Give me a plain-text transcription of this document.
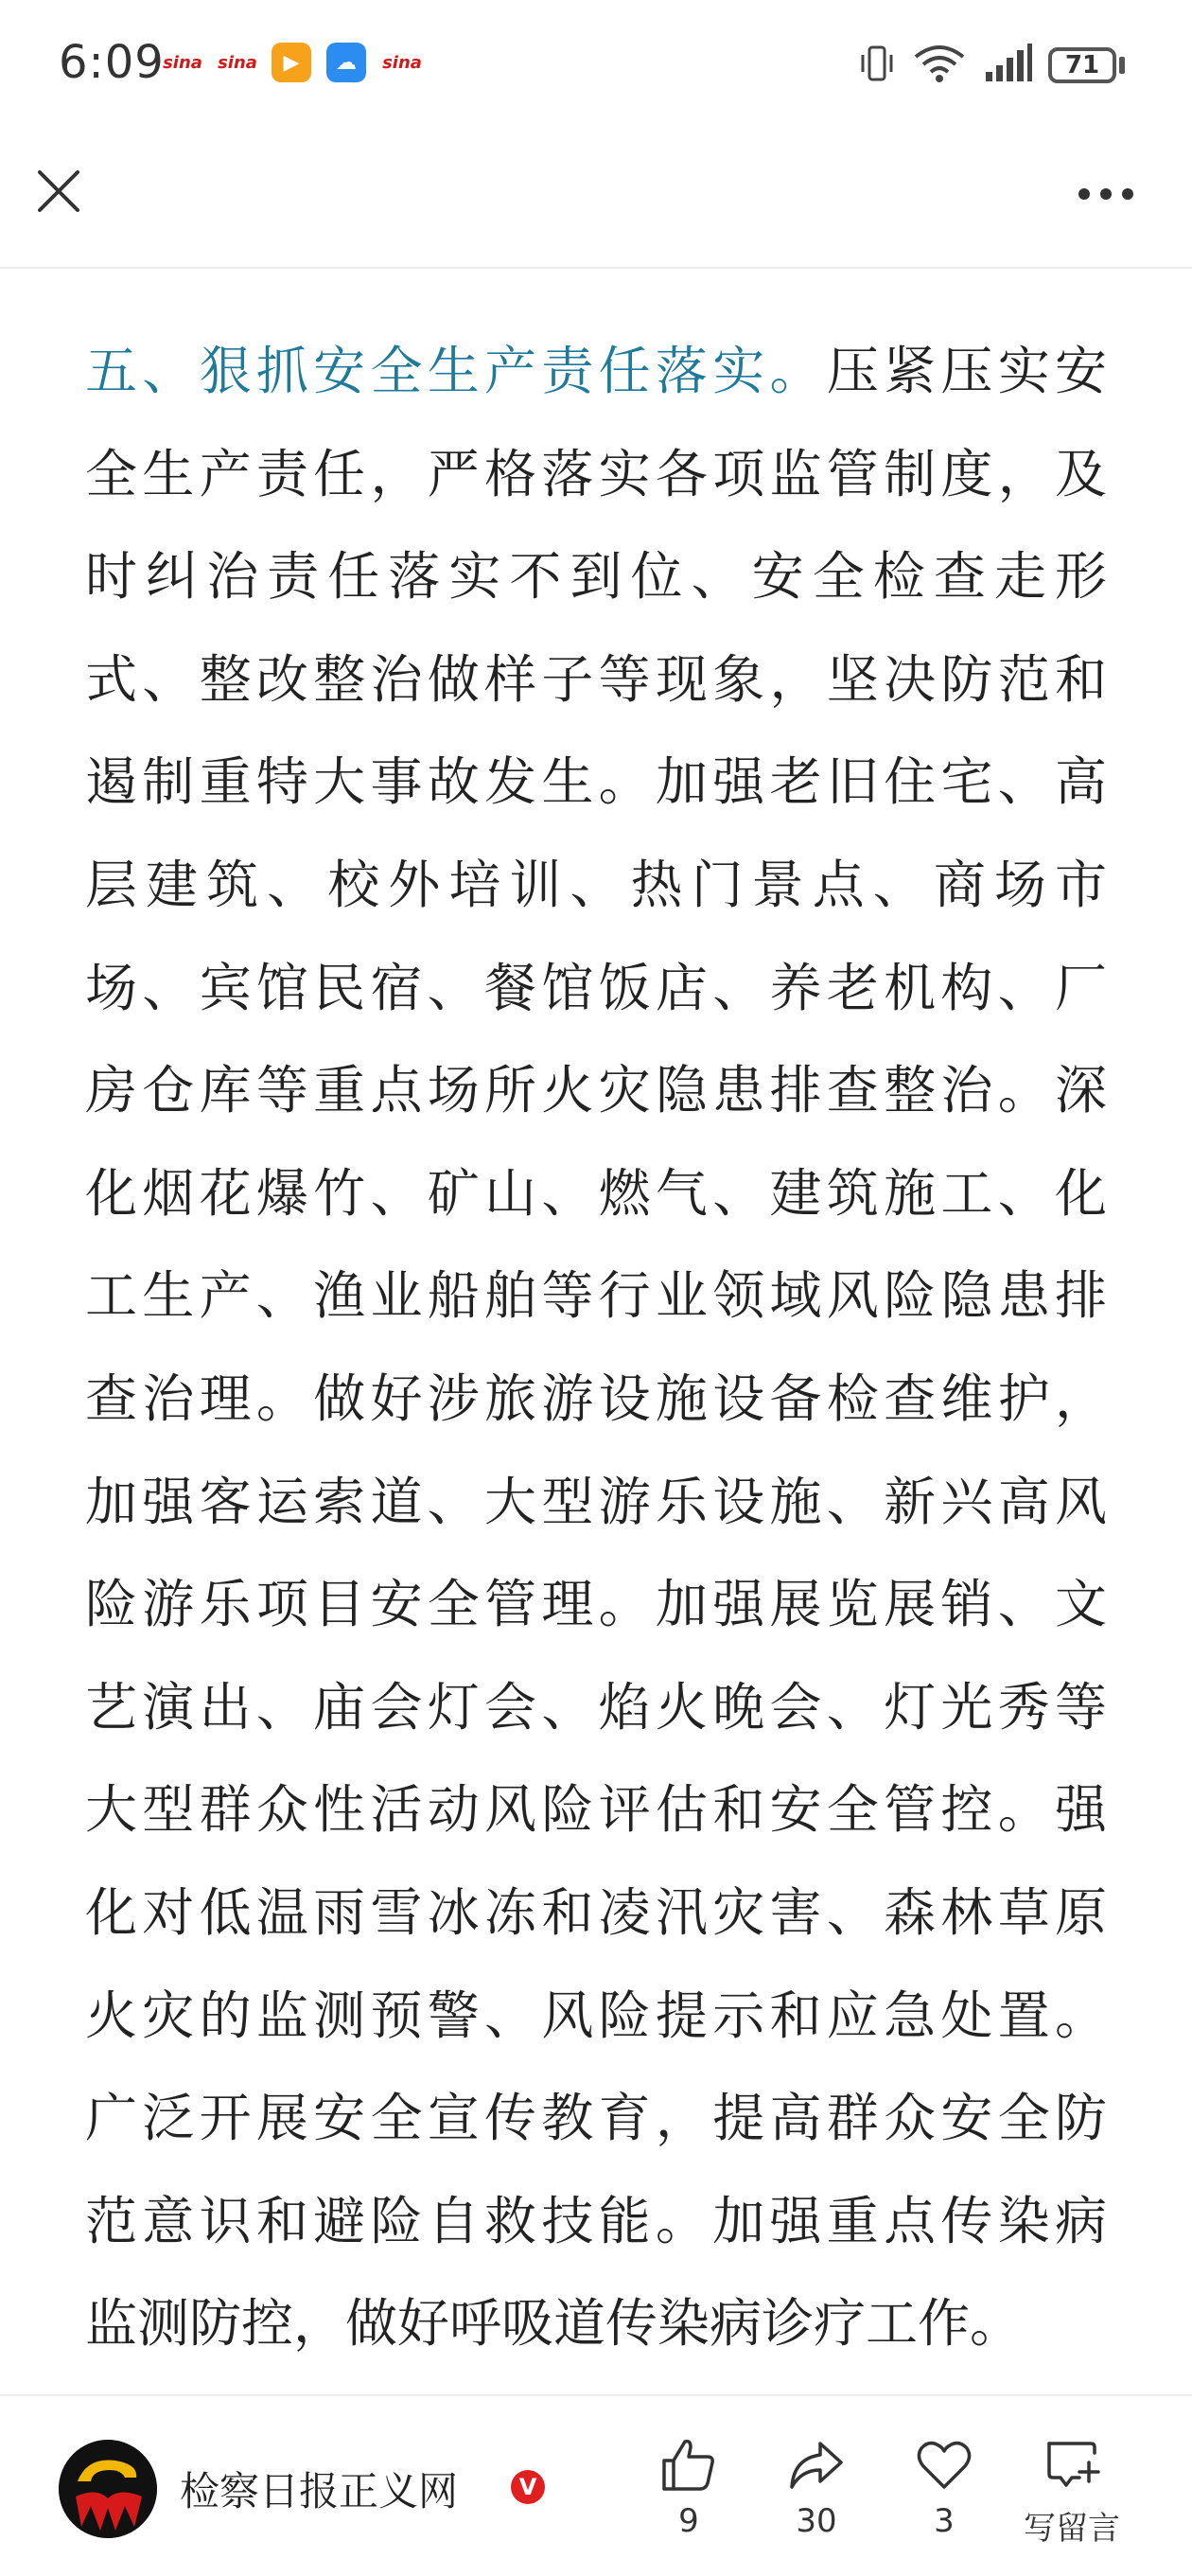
6:09
sina sina	▶	☁	sina	71
五、狠抓安全生产责任落实。压紧压实安
全生产责任，严格落实各项监管制度，及
时纠治责任落实不到位、安全检查走形
式、整改整治做样子等现象，坚决防范和
遏制重特大事故发生。加强老旧住宅、高
层建筑、校外培训、热门景点、商场市
场、宾馆民宿、餐馆饭店、养老机构、厂
房仓库等重点场所火灾隐患排查整治。深
化烟花爆竹、矿山、燃气、建筑施工、化
工生产、渔业船舶等行业领域风险隐患排
查治理。做好涉旅游设施设备检查维护，
加强客运索道、大型游乐设施、新兴高风
险游乐项目安全管理。加强展览展销、文
艺演出、庙会灯会、焰火晚会、灯光秀等
大型群众性活动风险评估和安全管控。强
化对低温雨雪冰冻和凌汛灾害、森林草原
火灾的监测预警、风险提示和应急处置。
广泛开展安全宣传教育，提高群众安全防
范意识和避险自救技能。加强重点传染病
监测防控，做好呼吸道传染病诊疗工作。
检察日报正义网	V
9	30	3	写留言
